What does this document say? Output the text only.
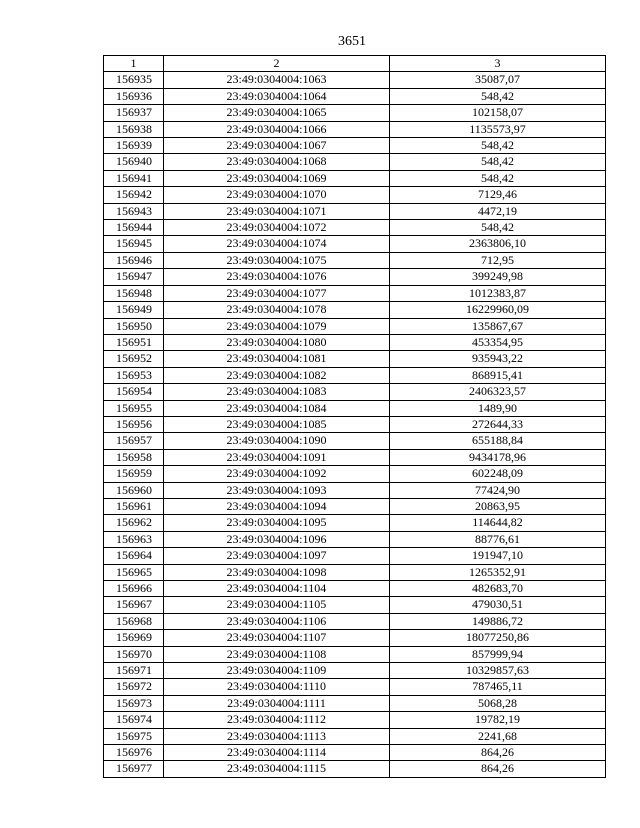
3651
1	2	3
156935	23:49:0304004:1063	35087,07
156936	23:49:0304004:1064	548,42
156937	23:49:0304004:1065	102158,07
156938	23:49:0304004:1066	1135573,97
156939	23:49:0304004:1067	548,42
156940	23:49:0304004:1068	548,42
156941	23:49:0304004:1069	548,42
156942	23:49:0304004:1070	7129,46
156943	23:49:0304004:1071	4472,19
156944	23:49:0304004:1072	548,42
156945	23:49:0304004:1074	2363806,10
156946	23:49:0304004:1075	712,95
156947	23:49:0304004:1076	399249,98
156948	23:49:0304004:1077	1012383,87
156949	23:49:0304004:1078	16229960,09
156950	23:49:0304004:1079	135867,67
156951	23:49:0304004:1080	453354,95
156952	23:49:0304004:1081	935943,22
156953	23:49:0304004:1082	868915,41
156954	23:49:0304004:1083	2406323,57
156955	23:49:0304004:1084	1489,90
156956	23:49:0304004:1085	272644,33
156957	23:49:0304004:1090	655188,84
156958	23:49:0304004:1091	9434178,96
156959	23:49:0304004:1092	602248,09
156960	23:49:0304004:1093	77424,90
156961	23:49:0304004:1094	20863,95
156962	23:49:0304004:1095	114644,82
156963	23:49:0304004:1096	88776,61
156964	23:49:0304004:1097	191947,10
156965	23:49:0304004:1098	1265352,91
156966	23:49:0304004:1104	482683,70
156967	23:49:0304004:1105	479030,51
156968	23:49:0304004:1106	149886,72
156969	23:49:0304004:1107	18077250,86
156970	23:49:0304004:1108	857999,94
156971	23:49:0304004:1109	10329857,63
156972	23:49:0304004:1110	787465,11
156973	23:49:0304004:1111	5068,28
156974	23:49:0304004:1112	19782,19
156975	23:49:0304004:1113	2241,68
156976	23:49:0304004:1114	864,26
156977	23:49:0304004:1115	864,26
